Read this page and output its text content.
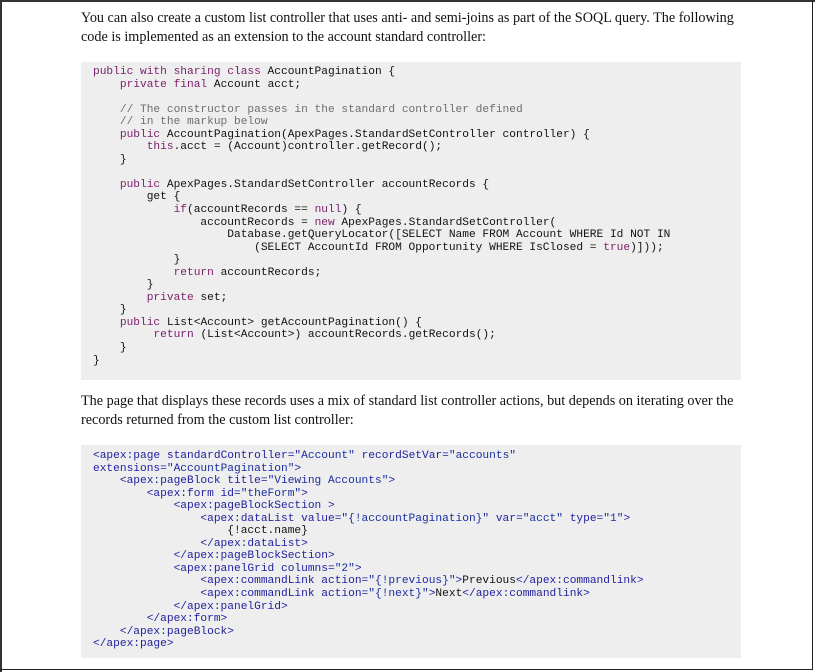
You can also create a custom list controller that uses anti- and semi-joins as part of the SOQL query. The following code is implemented as an extension to the account standard controller:

public with sharing class AccountPagination {
private final Account acct;
// The constructor passes in the standard controller defined
// in the markup below
public AccountPagination(ApexPages.StandardSetController controller) {
this.acct = (Account)controller.getRecord();
}
public ApexPages.StandardSetController accountRecords {
get {
if(accountRecords == null) {
accountRecords = new ApexPages.StandardSetController(
Database.getQueryLocator([SELECT Name FROM Account WHERE Id NOT IN
(SELECT AccountId FROM Opportunity WHERE IsClosed = true)]));
}
return accountRecords;
}
private set;
}
public List<Account> getAccountPagination() {
return (List<Account>) accountRecords.getRecords();
}
}

The page that displays these records uses a mix of standard list controller actions, but depends on iterating over the records returned from the custom list controller:

<apex:page standardController="Account" recordSetVar="accounts"
extensions="AccountPagination">
<apex:pageBlock title="Viewing Accounts">
<apex:form id="theForm">
<apex:pageBlockSection >
<apex:dataList value="{!accountPagination}" var="acct" type="1">
{!acct.name}
</apex:dataList>
</apex:pageBlockSection>
<apex:panelGrid columns="2">
<apex:commandLink action="{!previous}">Previous</apex:commandlink>
<apex:commandLink action="{!next}">Next</apex:commandlink>
</apex:panelGrid>
</apex:form>
</apex:pageBlock>
</apex:page>
